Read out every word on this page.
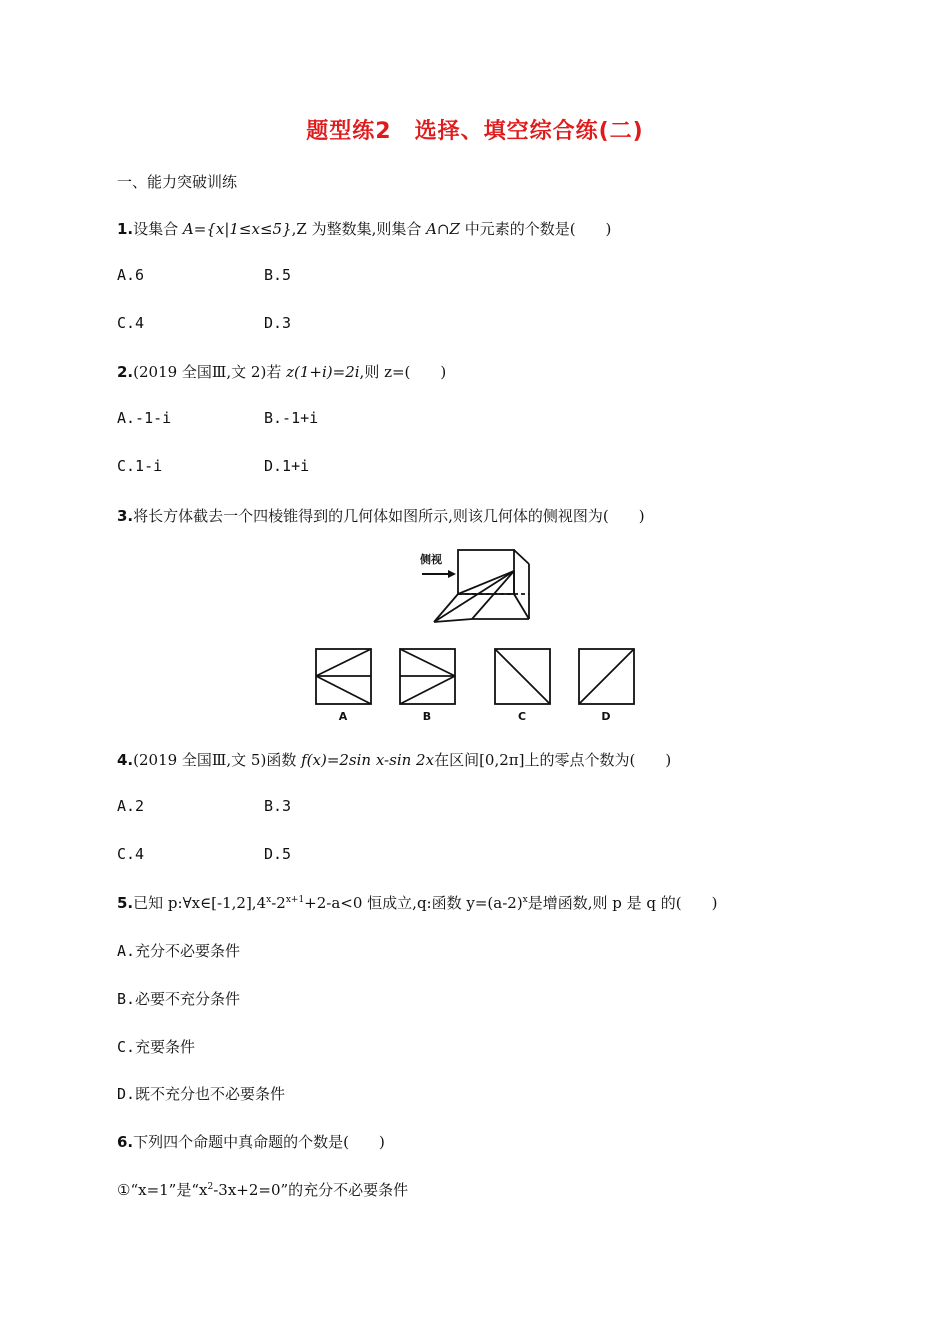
题型练2　选择、填空综合练(二)
一、能力突破训练
1.设集合 A={x|1≤x≤5},Z 为整数集,则集合 A∩Z 中元素的个数是(　　)
A.6	B.5
C.4	D.3
2.(2019 全国Ⅲ,文 2)若 z(1+i)=2i,则 z=(　　)
A.-1-i	B.-1+i
C.1-i	D.1+i
3.将长方体截去一个四棱锥得到的几何体如图所示,则该几何体的侧视图为(　　)
侧视
A	B	C	D
4.(2019 全国Ⅲ,文 5)函数 f(x)=2sin x-sin 2x在区间[0,2π]上的零点个数为(　　)
A.2	B.3
C.4	D.5
5.已知 $p:\forall x\in[-1,2],4^x-2^{x+1}+2-a<0$ 恒成立,q:函数 $y=(a-2)^x$是增函数,则 p 是 q 的(　　)
A.充分不必要条件
B.必要不充分条件
C.充要条件
D.既不充分也不必要条件
6.下列四个命题中真命题的个数是(　　)
①“x=1”是“$x^2-3x+2=0$”的充分不必要条件
